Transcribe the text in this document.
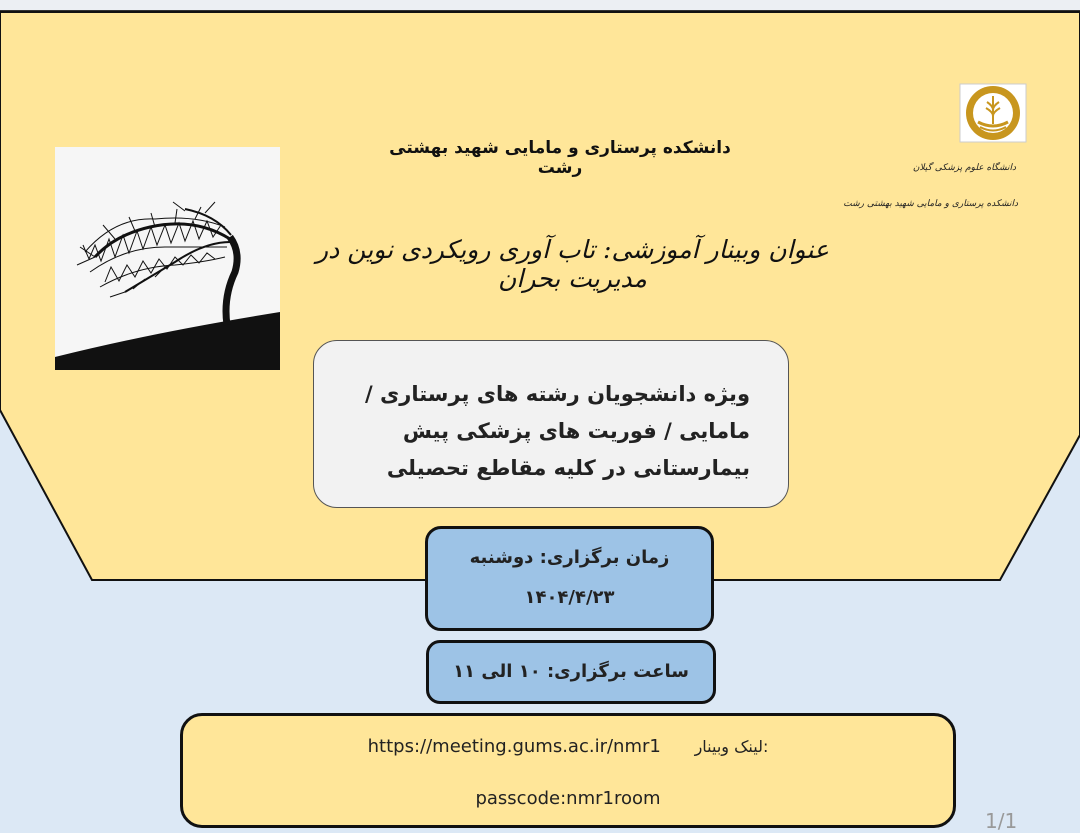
دانشگاه علوم پزشکی گیلان
دانشکده پرستاری و مامایی شهید بهشتی رشت
دانشکده پرستاری و مامایی شهید بهشتی رشت
عنوان وبینار آموزشی: تاب آوری رویکردی نوین در مدیریت بحران

ویژه دانشجویان رشته های پرستاری / مامایی / فوریت های پزشکی پیش بیمارستانی در کلیه مقاطع تحصیلی

زمان برگزاری: دوشنبه
۱۴۰۴/۴/۲۳
ساعت برگزاری: ۱۰ الی ۱۱
https://meeting.gums.ac.ir/nmr1 لینک وبینار:
passcode:nmr1room
1/1
